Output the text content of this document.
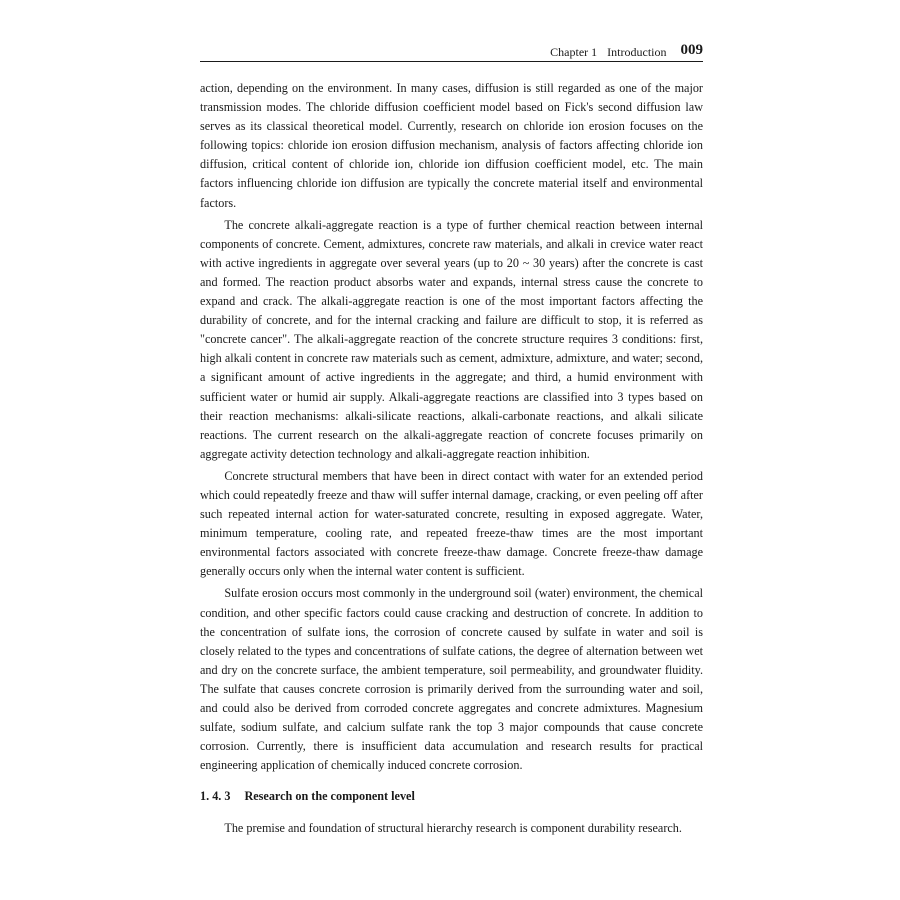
Chapter 1 Introduction 009

action, depending on the environment. In many cases, diffusion is still regarded as one of the major transmission modes. The chloride diffusion coefficient model based on Fick's second diffusion law serves as its classical theoretical model. Currently, research on chloride ion erosion focuses on the following topics: chloride ion erosion diffusion mechanism, analysis of factors affecting chloride ion diffusion, critical content of chloride ion, chloride ion diffusion coefficient model, etc. The main factors influencing chloride ion diffusion are typically the concrete material itself and environmental factors.

The concrete alkali-aggregate reaction is a type of further chemical reaction between internal components of concrete. Cement, admixtures, concrete raw materials, and alkali in crevice water react with active ingredients in aggregate over several years (up to 20 ~ 30 years) after the concrete is cast and formed. The reaction product absorbs water and expands, internal stress cause the concrete to expand and crack. The alkali-aggregate reaction is one of the most important factors affecting the durability of concrete, and for the internal cracking and failure are difficult to stop, it is referred as "concrete cancer". The alkali-aggregate reaction of the concrete structure requires 3 conditions: first, high alkali content in concrete raw materials such as cement, admixture, admixture, and water; second, a significant amount of active ingredients in the aggregate; and third, a humid environment with sufficient water or humid air supply. Alkali-aggregate reactions are classified into 3 types based on their reaction mechanisms: alkali-silicate reactions, alkali-carbonate reactions, and alkali silicate reactions. The current research on the alkali-aggregate reaction of concrete focuses primarily on aggregate activity detection technology and alkali-aggregate reaction inhibition.

Concrete structural members that have been in direct contact with water for an extended period which could repeatedly freeze and thaw will suffer internal damage, cracking, or even peeling off after such repeated internal action for water-saturated concrete, resulting in exposed aggregate. Water, minimum temperature, cooling rate, and repeated freeze-thaw times are the most important environmental factors associated with concrete freeze-thaw damage. Concrete freeze-thaw damage generally occurs only when the internal water content is sufficient.

Sulfate erosion occurs most commonly in the underground soil (water) environment, the chemical condition, and other specific factors could cause cracking and destruction of concrete. In addition to the concentration of sulfate ions, the corrosion of concrete caused by sulfate in water and soil is closely related to the types and concentrations of sulfate cations, the degree of alternation between wet and dry on the concrete surface, the ambient temperature, soil permeability, and groundwater fluidity. The sulfate that causes concrete corrosion is primarily derived from the surrounding water and soil, and could also be derived from corroded concrete aggregates and concrete admixtures. Magnesium sulfate, sodium sulfate, and calcium sulfate rank the top 3 major compounds that cause concrete corrosion. Currently, there is insufficient data accumulation and research results for practical engineering application of chemically induced concrete corrosion.

1. 4. 3 Research on the component level

The premise and foundation of structural hierarchy research is component durability research.
